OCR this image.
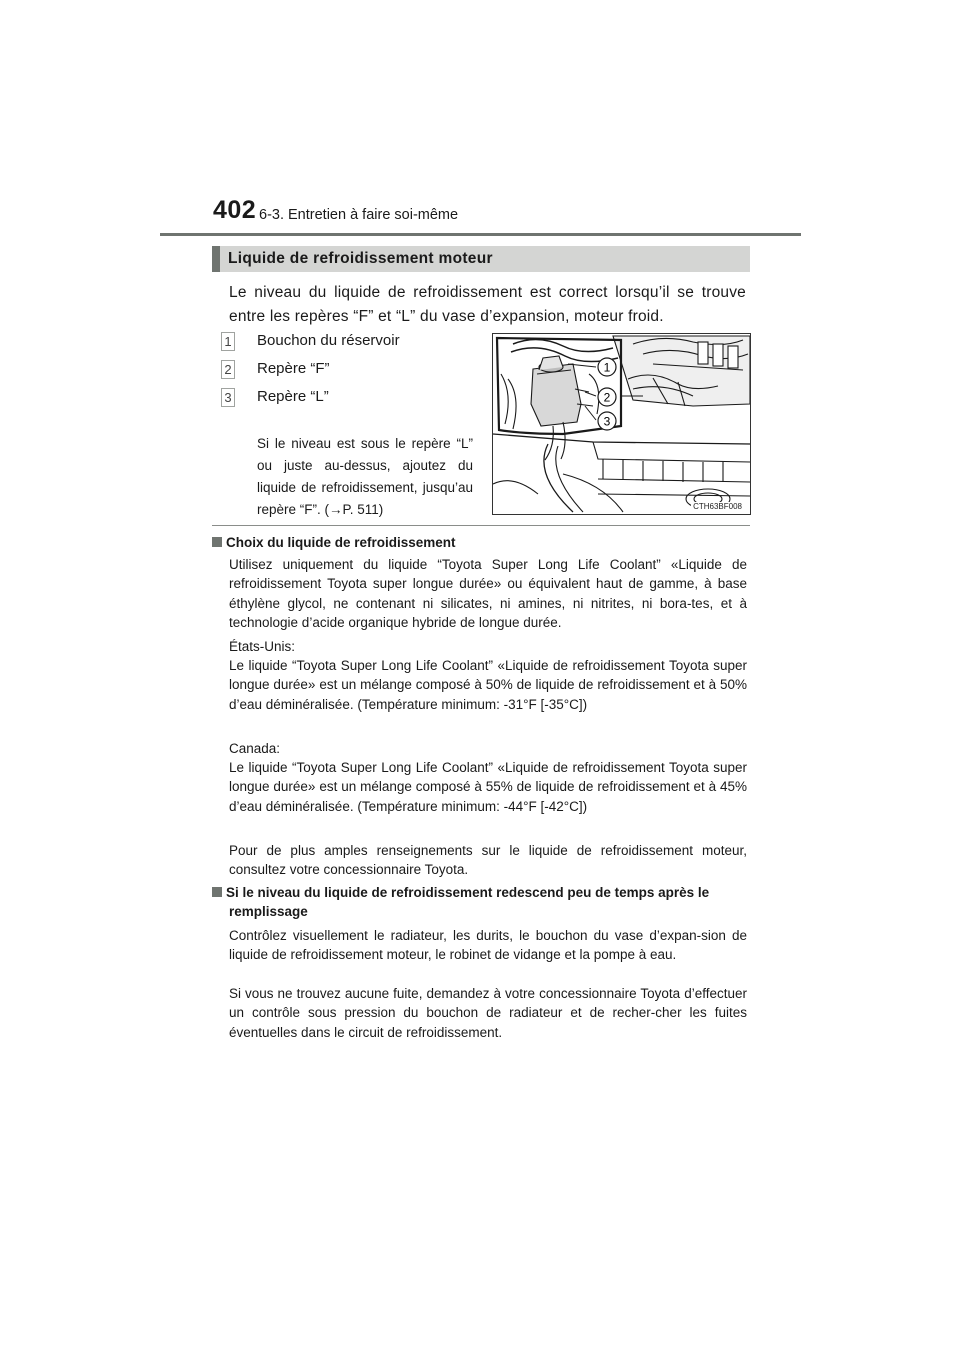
402 6-3. Entretien à faire soi-même
Liquide de refroidissement moteur
Le niveau du liquide de refroidissement est correct lorsqu’il se trouve entre les repères “F” et “L” du vase d’expansion, moteur froid.
1 Bouchon du réservoir
2 Repère “F”
3 Repère “L”
Si le niveau est sous le repère “L” ou juste au-dessus, ajoutez du liquide de refroidissement, jusqu’au repère “F”. (→P. 511)
1
2
3
CTH63BF008
Choix du liquide de refroidissement
Utilisez uniquement du liquide “Toyota Super Long Life Coolant” «Liquide de refroidissement Toyota super longue durée» ou équivalent haut de gamme, à base éthylène glycol, ne contenant ni silicates, ni amines, ni nitrites, ni bora-tes, et à technologie d’acide organique hybride de longue durée.
États-Unis:
Le liquide “Toyota Super Long Life Coolant” «Liquide de refroidissement Toyota super longue durée» est un mélange composé à 50% de liquide de refroidissement et à 50% d’eau déminéralisée. (Température minimum: -31°F [-35°C])
Canada:
Le liquide “Toyota Super Long Life Coolant” «Liquide de refroidissement Toyota super longue durée» est un mélange composé à 55% de liquide de refroidissement et à 45% d’eau déminéralisée. (Température minimum: -44°F [-42°C])
Pour de plus amples renseignements sur le liquide de refroidissement moteur, consultez votre concessionnaire Toyota.
Si le niveau du liquide de refroidissement redescend peu de temps après le remplissage
Contrôlez visuellement le radiateur, les durits, le bouchon du vase d’expan-sion de liquide de refroidissement moteur, le robinet de vidange et la pompe à eau.
Si vous ne trouvez aucune fuite, demandez à votre concessionnaire Toyota d’effectuer un contrôle sous pression du bouchon de radiateur et de recher-cher les fuites éventuelles dans le circuit de refroidissement.
